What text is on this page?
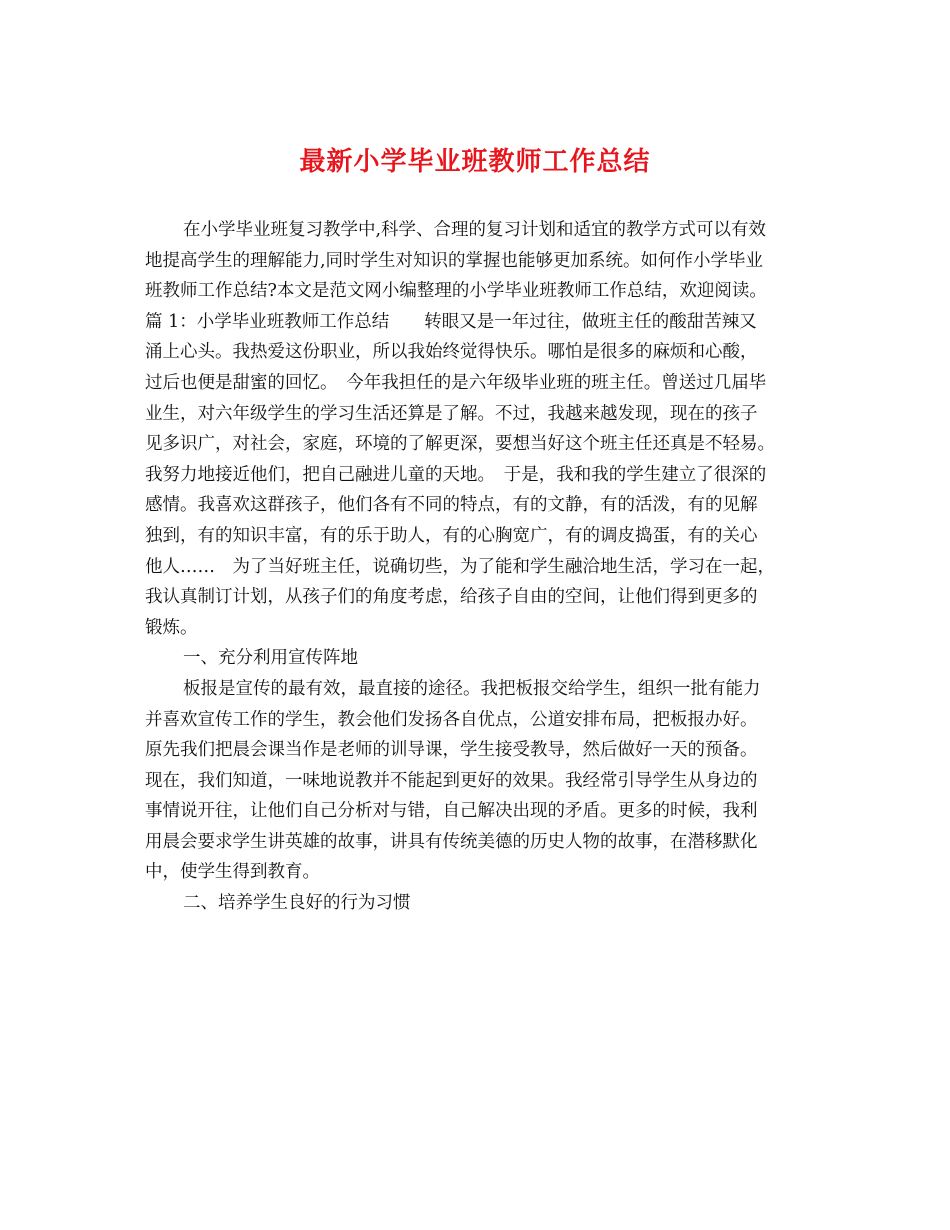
最新小学毕业班教师工作总结
在小学毕业班复习教学中,科学、合理的复习计划和适宜的教学方式可以有效
地提高学生的理解能力,同时学生对知识的掌握也能够更加系统。如何作小学毕业
班教师工作总结?本文是范文网小编整理的小学毕业班教师工作总结，欢迎阅读。
篇 1：小学毕业班教师工作总结　　转眼又是一年过往，做班主任的酸甜苦辣又
涌上心头。我热爱这份职业，所以我始终觉得快乐。哪怕是很多的麻烦和心酸，
过后也便是甜蜜的回忆。　今年我担任的是六年级毕业班的班主任。曾送过几届毕
业生，对六年级学生的学习生活还算是了解。不过，我越来越发现，现在的孩子
见多识广，对社会，家庭，环境的了解更深，要想当好这个班主任还真是不轻易。
我努力地接近他们，把自己融进儿童的天地。　于是，我和我的学生建立了很深的
感情。我喜欢这群孩子，他们各有不同的特点，有的文静，有的活泼，有的见解
独到，有的知识丰富，有的乐于助人，有的心胸宽广，有的调皮捣蛋，有的关心
他人……　为了当好班主任，说确切些，为了能和学生融洽地生活，学习在一起，
我认真制订计划，从孩子们的角度考虑，给孩子自由的空间，让他们得到更多的
锻炼。
一、充分利用宣传阵地
板报是宣传的最有效，最直接的途径。我把板报交给学生，组织一批有能力
并喜欢宣传工作的学生，教会他们发扬各自优点，公道安排布局，把板报办好。
原先我们把晨会课当作是老师的训导课，学生接受教导，然后做好一天的预备。
现在，我们知道，一味地说教并不能起到更好的效果。我经常引导学生从身边的
事情说开往，让他们自己分析对与错，自己解决出现的矛盾。更多的时候，我利
用晨会要求学生讲英雄的故事，讲具有传统美德的历史人物的故事，在潜移默化
中，使学生得到教育。
二、培养学生良好的行为习惯
